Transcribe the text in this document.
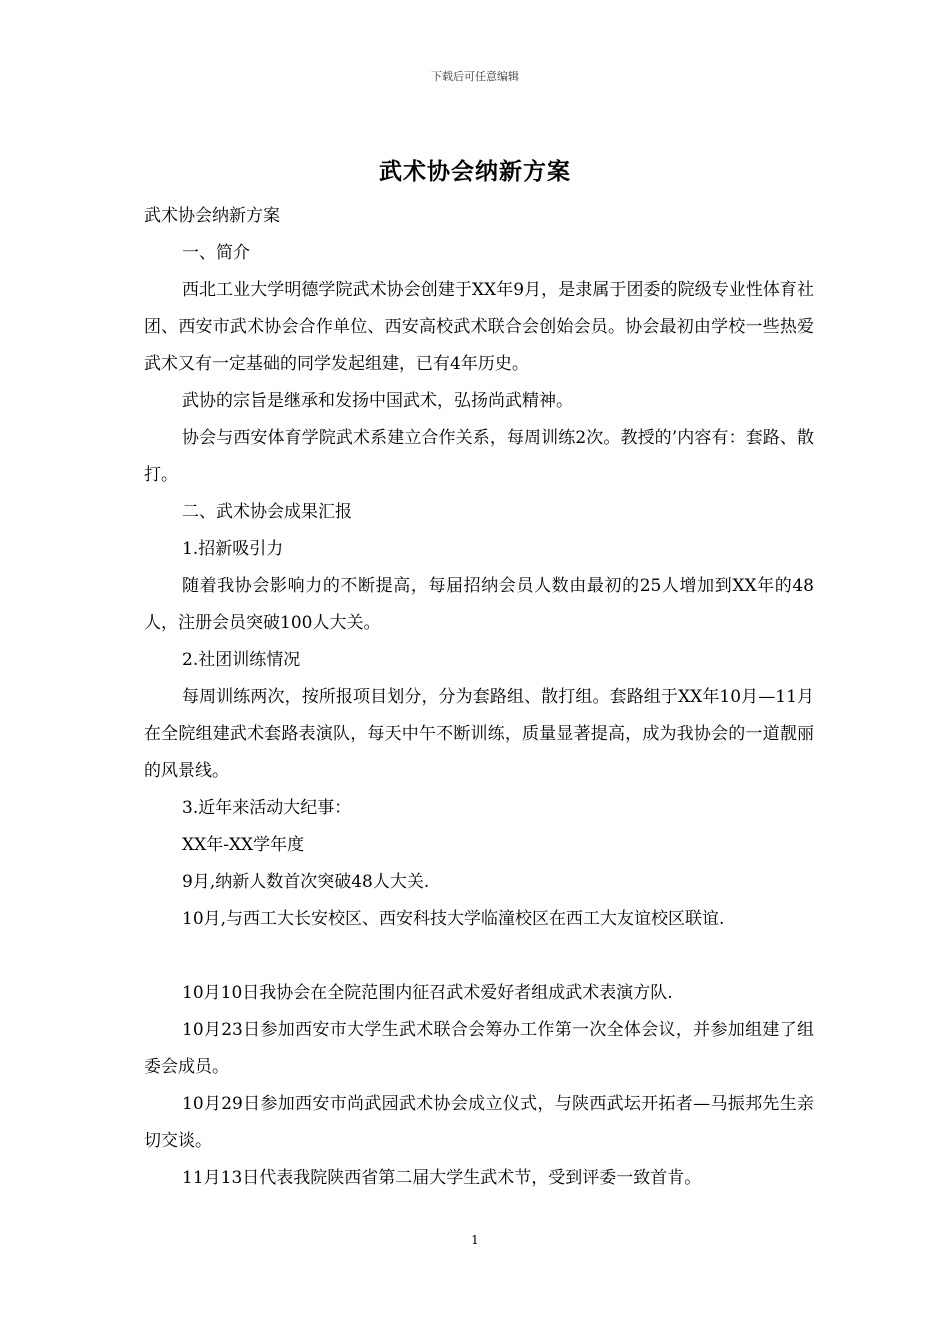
下载后可任意编辑
武术协会纳新方案

武术协会纳新方案

一、简介

西北工业大学明德学院武术协会创建于XX年9月，是隶属于团委的院级专业性体育社团、西安市武术协会合作单位、西安高校武术联合会创始会员。协会最初由学校一些热爱武术又有一定基础的同学发起组建，已有4年历史。

武协的宗旨是继承和发扬中国武术，弘扬尚武精神。

协会与西安体育学院武术系建立合作关系，每周训练2次。教授的’内容有：套路、散打。

二、武术协会成果汇报

1.招新吸引力

随着我协会影响力的不断提高，每届招纳会员人数由最初的25人增加到XX年的48人，注册会员突破100人大关。

2.社团训练情况

每周训练两次，按所报项目划分，分为套路组、散打组。套路组于XX年10月—11月在全院组建武术套路表演队，每天中午不断训练，质量显著提高，成为我协会的一道靓丽的风景线。

3.近年来活动大纪事：

XX年-XX学年度

9月,纳新人数首次突破48人大关.

10月,与西工大长安校区、西安科技大学临潼校区在西工大友谊校区联谊.

10月10日我协会在全院范围内征召武术爱好者组成武术表演方队.

10月23日参加西安市大学生武术联合会筹办工作第一次全体会议，并参加组建了组委会成员。

10月29日参加西安市尚武园武术协会成立仪式，与陕西武坛开拓者—马振邦先生亲切交谈。

11月13日代表我院陕西省第二届大学生武术节，受到评委一致首肯。

1
